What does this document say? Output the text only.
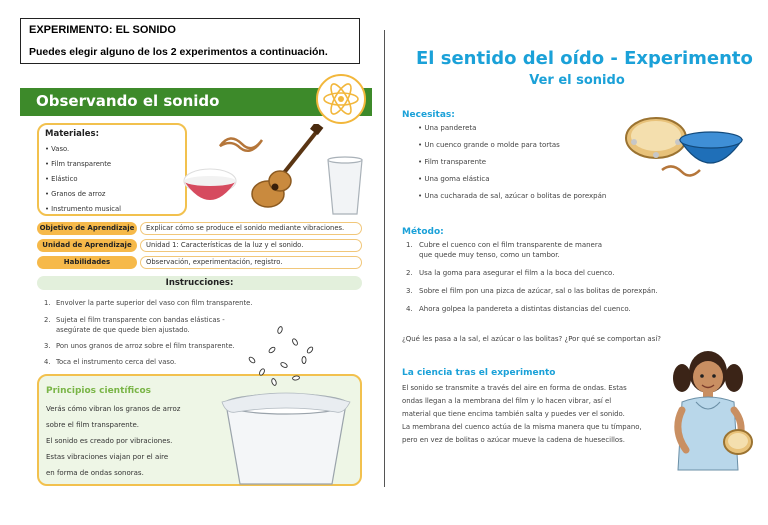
EXPERIMENTO: EL SONIDO
Puedes elegir alguno de los 2 experimentos a continuación.
Observando el sonido
Materiales:
• Vaso.
• Film transparente
• Elástico
• Granos de arroz
• Instrumento musical
Objetivo de Aprendizaje	Explicar cómo se produce el sonido mediante vibraciones.
Unidad de Aprendizaje	Unidad 1: Características de la luz y el sonido.
Habilidades	Observación, experimentación, registro.
Instrucciones:
1. Envolver la parte superior del vaso con film transparente.
2. Sujeta el film transparente con bandas elásticas -
asegúrate de que quede bien ajustado.
3. Pon unos granos de arroz sobre el film transparente.
4. Toca el instrumento cerca del vaso.
Principios científicos
Verás cómo vibran los granos de arroz
sobre el film transparente.
El sonido es creado por vibraciones.
Estas vibraciones viajan por el aire
en forma de ondas sonoras.
El sentido del oído - Experimento
Ver el sonido
Necesitas:
• Una pandereta
• Un cuenco grande o molde para tortas
• Film transparente
• Una goma elástica
• Una cucharada de sal, azúcar o bolitas de porexpán
Método:
1. Cubre el cuenco con el film transparente de manera
que quede muy tenso, como un tambor.
2. Usa la goma para asegurar el film a la boca del cuenco.
3. Sobre el film pon una pizca de azúcar, sal o las bolitas de porexpán.
4. Ahora golpea la pandereta a distintas distancias del cuenco.
¿Qué les pasa a la sal, el azúcar o las bolitas? ¿Por qué se comportan así?
La ciencia tras el experimento
El sonido se transmite a través del aire en forma de ondas. Estas
ondas llegan a la membrana del film y lo hacen vibrar, así el
material que tiene encima también salta y puedes ver el sonido.
La membrana del cuenco actúa de la misma manera que tu tímpano,
pero en vez de bolitas o azúcar mueve la cadena de huesecillos.
